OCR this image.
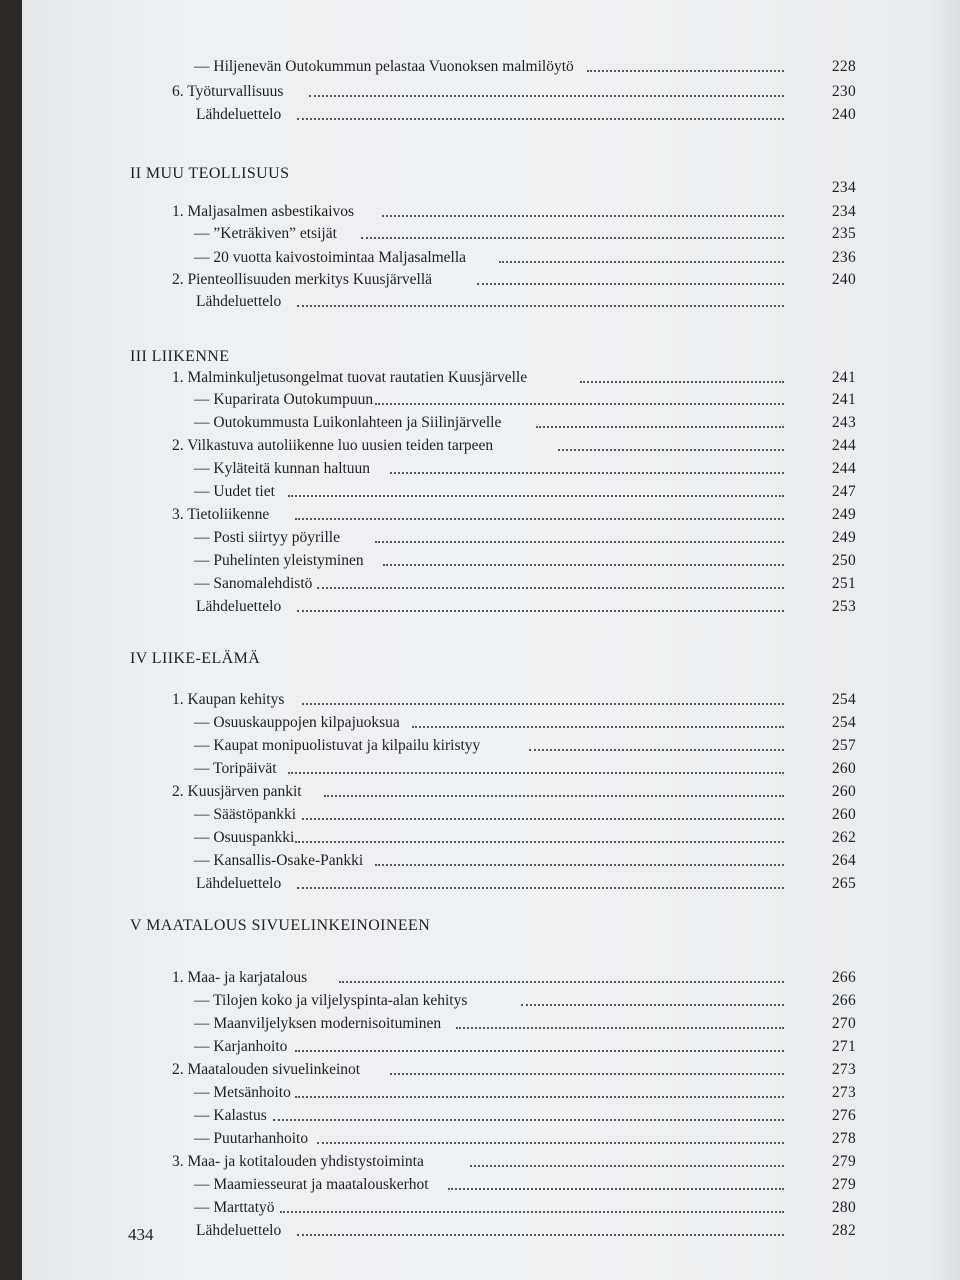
— Hiljenevän Outokummun pelastaa Vuonoksen malmilöytö	228
6. Työturvallisuus	230
Lähdeluettelo	240
II MUU TEOLLISUUS
234
1. Maljasalmen asbestikaivos	234
— ”Keträkiven” etsijät	235
— 20 vuotta kaivostoimintaa Maljasalmella	236
2. Pienteollisuuden merkitys Kuusjärvellä	240
Lähdeluettelo
III LIIKENNE
1. Malminkuljetusongelmat tuovat rautatien Kuusjärvelle	241
— Kuparirata Outokumpuun	241
— Outokummusta Luikonlahteen ja Siilinjärvelle	243
2. Vilkastuva autoliikenne luo uusien teiden tarpeen	244
— Kyläteitä kunnan haltuun	244
— Uudet tiet	247
3. Tietoliikenne	249
— Posti siirtyy pöyrille	249
— Puhelinten yleistyminen	250
— Sanomalehdistö	251
Lähdeluettelo	253
IV LIIKE-ELÄMÄ
1. Kaupan kehitys	254
— Osuuskauppojen kilpajuoksua	254
— Kaupat monipuolistuvat ja kilpailu kiristyy	257
— Toripäivät	260
2. Kuusjärven pankit	260
— Säästöpankki	260
— Osuuspankki	262
— Kansallis-Osake-Pankki	264
Lähdeluettelo	265
V MAATALOUS SIVUELINKEINOINEEN
1. Maa- ja karjatalous	266
— Tilojen koko ja viljelyspinta-alan kehitys	266
— Maanviljelyksen modernisoituminen	270
— Karjanhoito	271
2. Maatalouden sivuelinkeinot	273
— Metsänhoito	273
— Kalastus	276
— Puutarhanhoito	278
3. Maa- ja kotitalouden yhdistystoiminta	279
— Maamiesseurat ja maatalouskerhot	279
— Marttatyö	280
Lähdeluettelo	282
434
